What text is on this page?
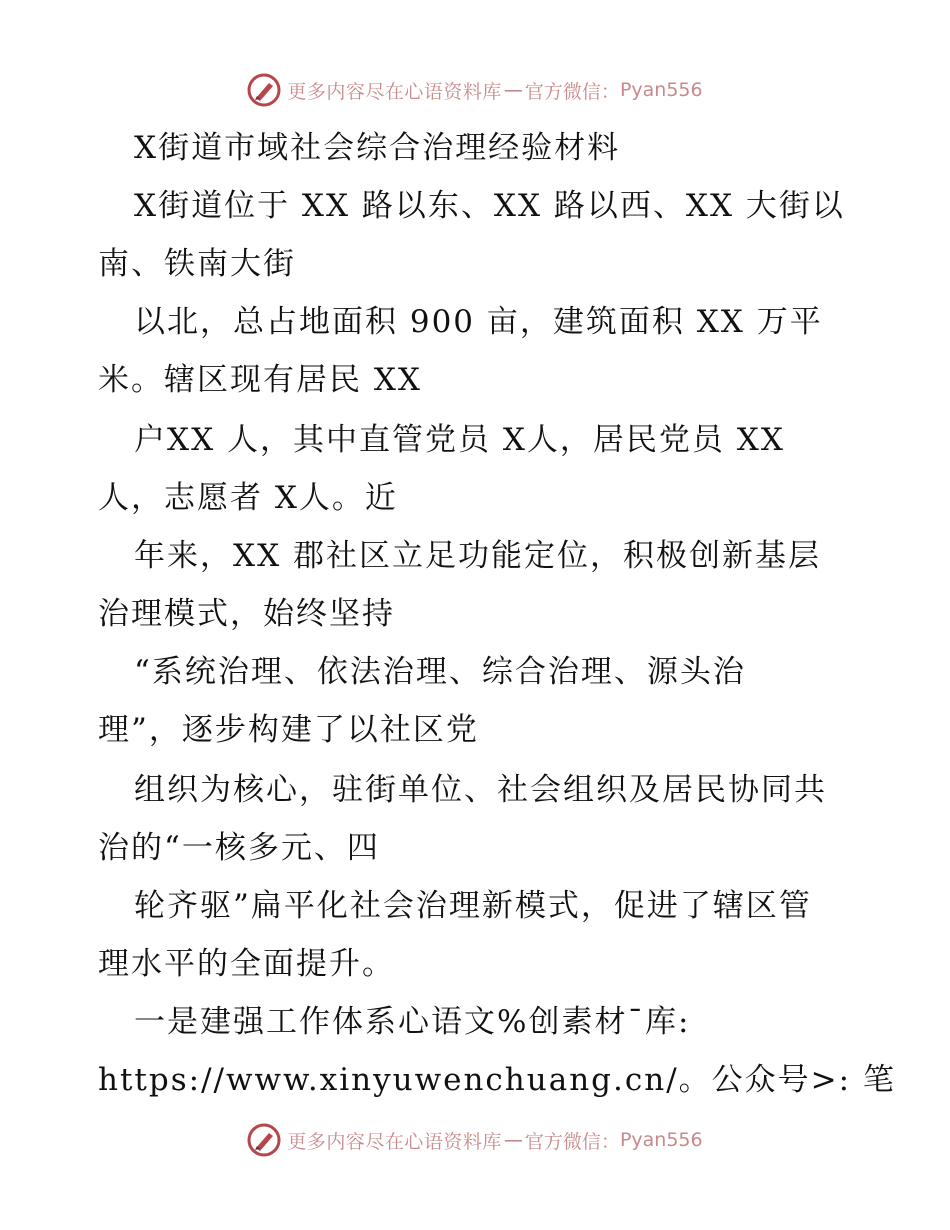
更多内容尽在心语资料库 — 官方微信： Pyan556
X街道市域社会综合治理经验材料
X街道位于 XX 路以东、XX 路以西、XX 大街以
南、铁南大街
以北，总占地面积 900 亩，建筑面积 XX 万平
米。辖区现有居民 XX
户XX 人，其中直管党员 X人，居民党员 XX
人，志愿者 X人。近
年来，XX 郡社区立足功能定位，积极创新基层
治理模式，始终坚持
“系统治理、依法治理、综合治理、源头治
理”，逐步构建了以社区党
组织为核心，驻街单位、社会组织及居民协同共
治的“一核多元、四
轮齐驱”扁平化社会治理新模式，促进了辖区管
理水平的全面提升。
一是建强工作体系心语文%创素材¯库:
https://www.xinyuwenchuang.cn/。公众号>: 笔
更多内容尽在心语资料库 — 官方微信： Pyan556
